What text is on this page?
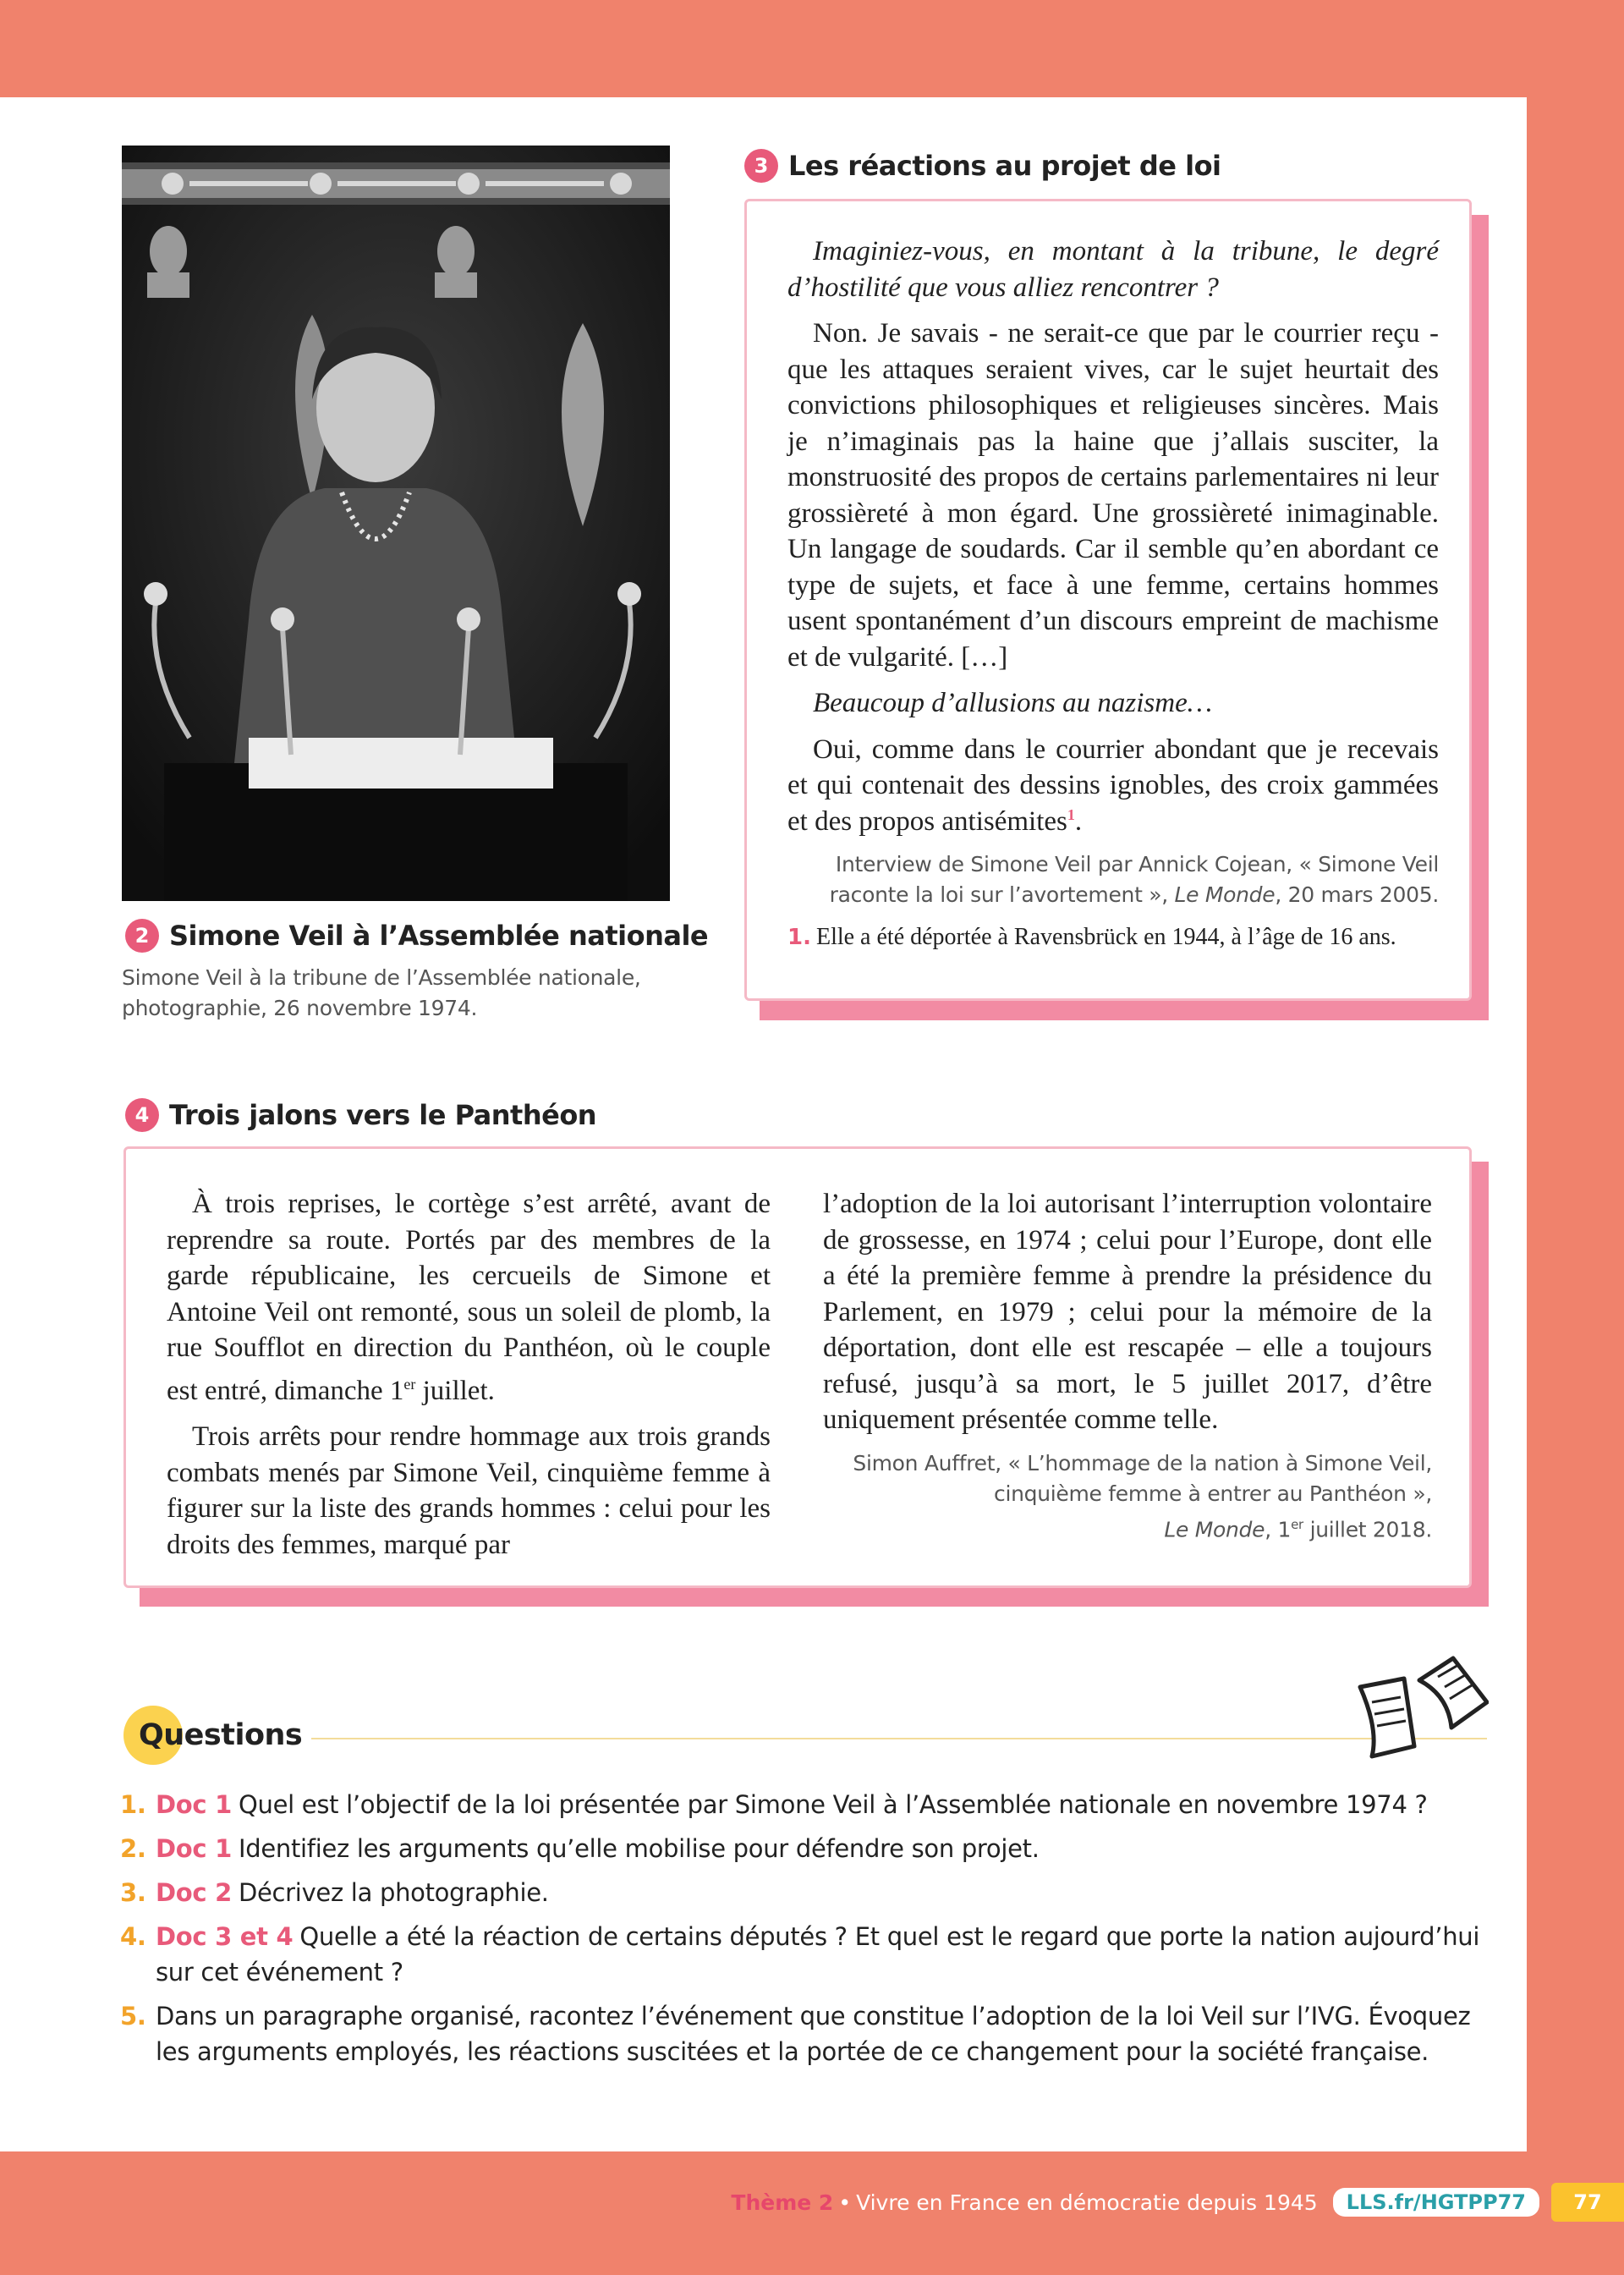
2 Simone Veil à l’Assemblée nationale
Simone Veil à la tribune de l’Assemblée nationale, photographie, 26 novembre 1974.
3 Les réactions au projet de loi

Imaginiez-vous, en montant à la tribune, le degré d’hostilité que vous alliez rencontrer ?

Non. Je savais - ne serait-ce que par le courrier reçu - que les attaques seraient vives, car le sujet heurtait des convictions philosophiques et religieuses sincères. Mais je n’imaginais pas la haine que j’allais susciter, la monstruosité des propos de certains parlementaires ni leur grossièreté à mon égard. Une grossièreté inimaginable. Un langage de soudards. Car il semble qu’en abordant ce type de sujets, et face à une femme, certains hommes usent spontanément d’un discours empreint de machisme et de vulgarité. […]

Beaucoup d’allusions au nazisme…

Oui, comme dans le courrier abondant que je recevais et qui contenait des dessins ignobles, des croix gammées et des propos antisémites$^1$.

Interview de Simone Veil par Annick Cojean, « Simone Veil raconte la loi sur l’avortement », Le Monde, 20 mars 2005.
1. Elle a été déportée à Ravensbrück en 1944, à l’âge de 16 ans.
4 Trois jalons vers le Panthéon

À trois reprises, le cortège s’est arrêté, avant de reprendre sa route. Portés par des membres de la garde républicaine, les cercueils de Simone et Antoine Veil ont remonté, sous un soleil de plomb, la rue Soufflot en direction du Panthéon, où le couple est entré, dimanche 1er juillet.

Trois arrêts pour rendre hommage aux trois grands combats menés par Simone Veil, cinquième femme à figurer sur la liste des grands hommes : celui pour les droits des femmes, marqué par

l’adoption de la loi autorisant l’interruption volontaire de grossesse, en 1974 ; celui pour l’Europe, dont elle a été la première femme à prendre la présidence du Parlement, en 1979 ; celui pour la mémoire de la déportation, dont elle est rescapée – elle a toujours refusé, jusqu’à sa mort, le 5 juillet 2017, d’être uniquement présentée comme telle.

Simon Auffret, « L’hommage de la nation à Simone Veil,
cinquième femme à entrer au Panthéon »,
Le Monde, 1er juillet 2018.
Questions
1. Doc 1 Quel est l’objectif de la loi présentée par Simone Veil à l’Assemblée nationale en novembre 1974 ?
2. Doc 1 Identifiez les arguments qu’elle mobilise pour défendre son projet.
3. Doc 2 Décrivez la photographie.
4. Doc 3 et 4 Quelle a été la réaction de certains députés ? Et quel est le regard que porte la nation aujourd’hui sur cet événement ?
5. Dans un paragraphe organisé, racontez l’événement que constitue l’adoption de la loi Veil sur l’IVG. Évoquez les arguments employés, les réactions suscitées et la portée de ce changement pour la société française.
Thème 2 • Vivre en France en démocratie depuis 1945	LLS.fr/HGTPP77	77
